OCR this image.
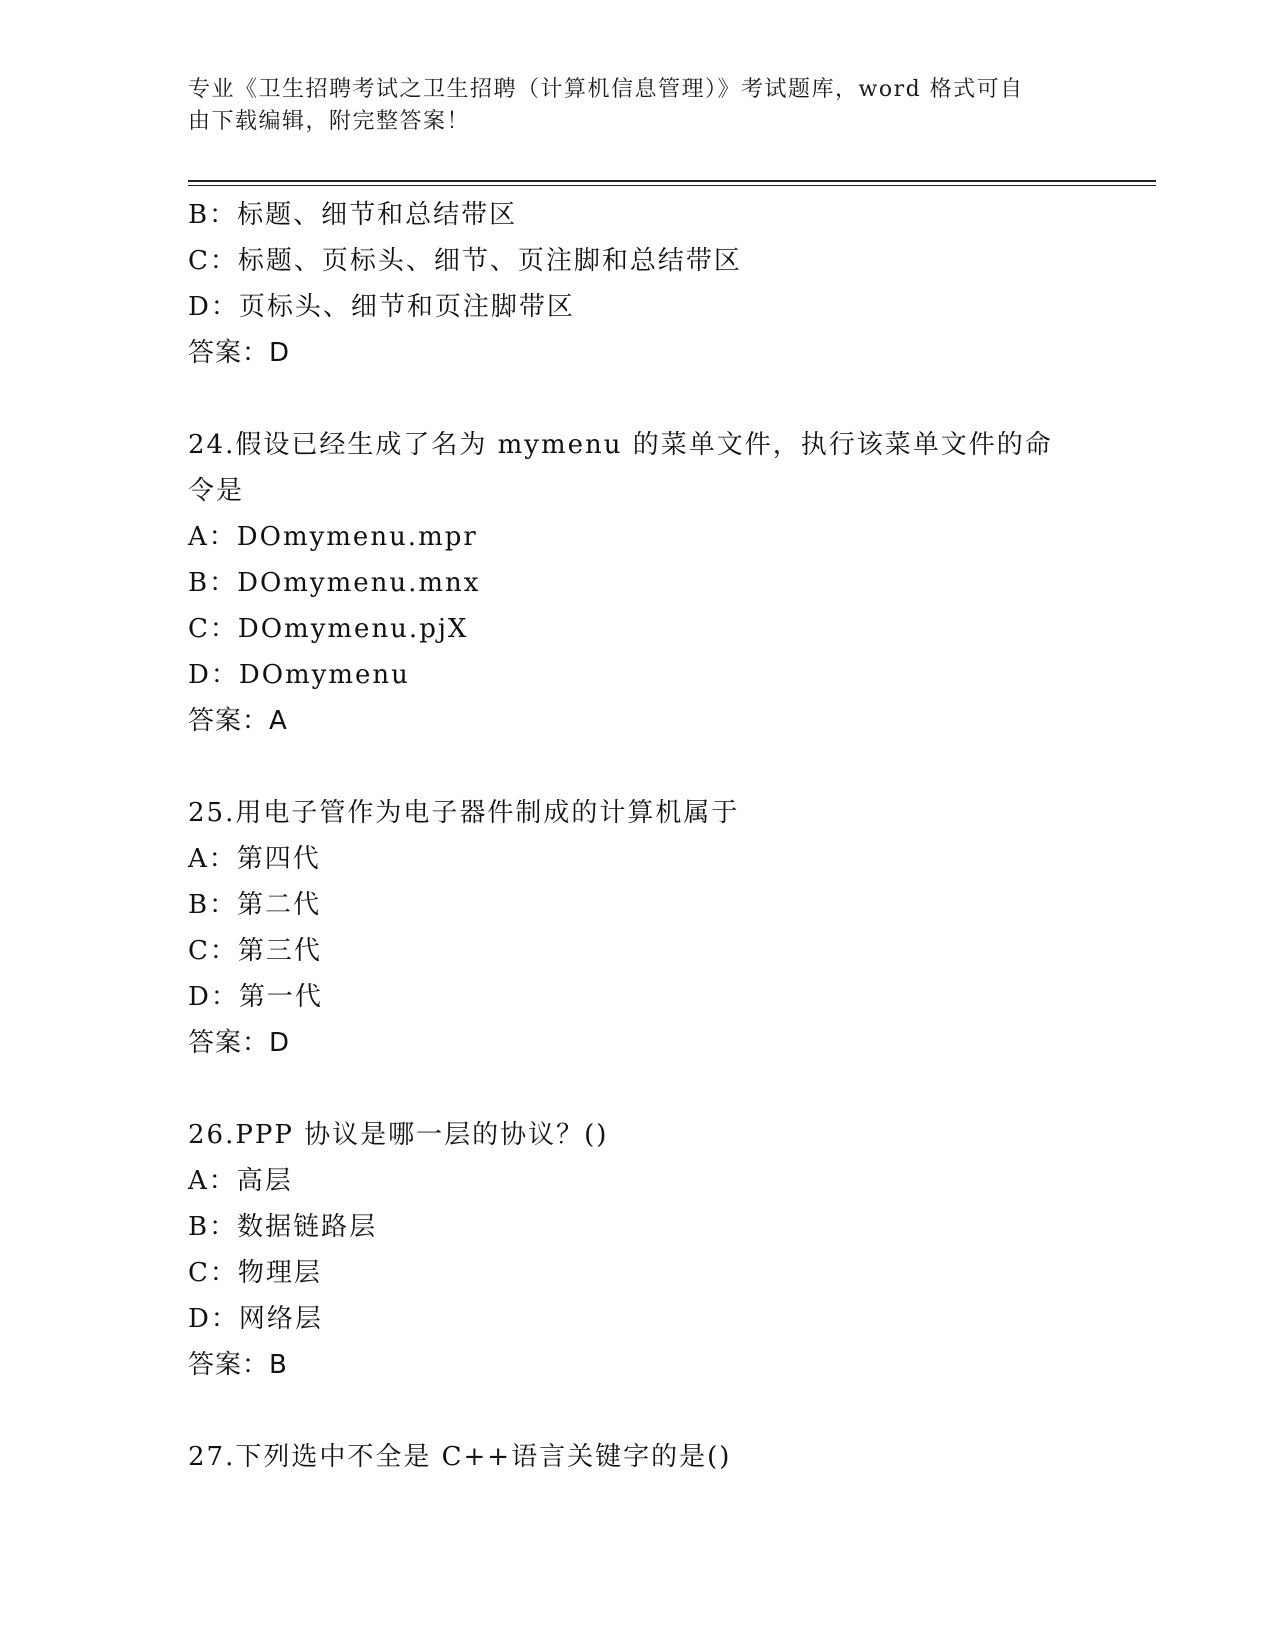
专业《卫生招聘考试之卫生招聘（计算机信息管理）》考试题库，word 格式可自
由下载编辑，附完整答案！
B：标题、细节和总结带区
C：标题、页标头、细节、页注脚和总结带区
D：页标头、细节和页注脚带区
答案：D
24.假设已经生成了名为 mymenu 的菜单文件，执行该菜单文件的命令是
A：DOmymenu.mpr
B：DOmymenu.mnx
C：DOmymenu.pjX
D：DOmymenu
答案：A
25.用电子管作为电子器件制成的计算机属于
A：第四代
B：第二代
C：第三代
D：第一代
答案：D
26.PPP 协议是哪一层的协议？()
A：高层
B：数据链路层
C：物理层
D：网络层
答案：B
27.下列选中不全是 C++语言关键字的是()
